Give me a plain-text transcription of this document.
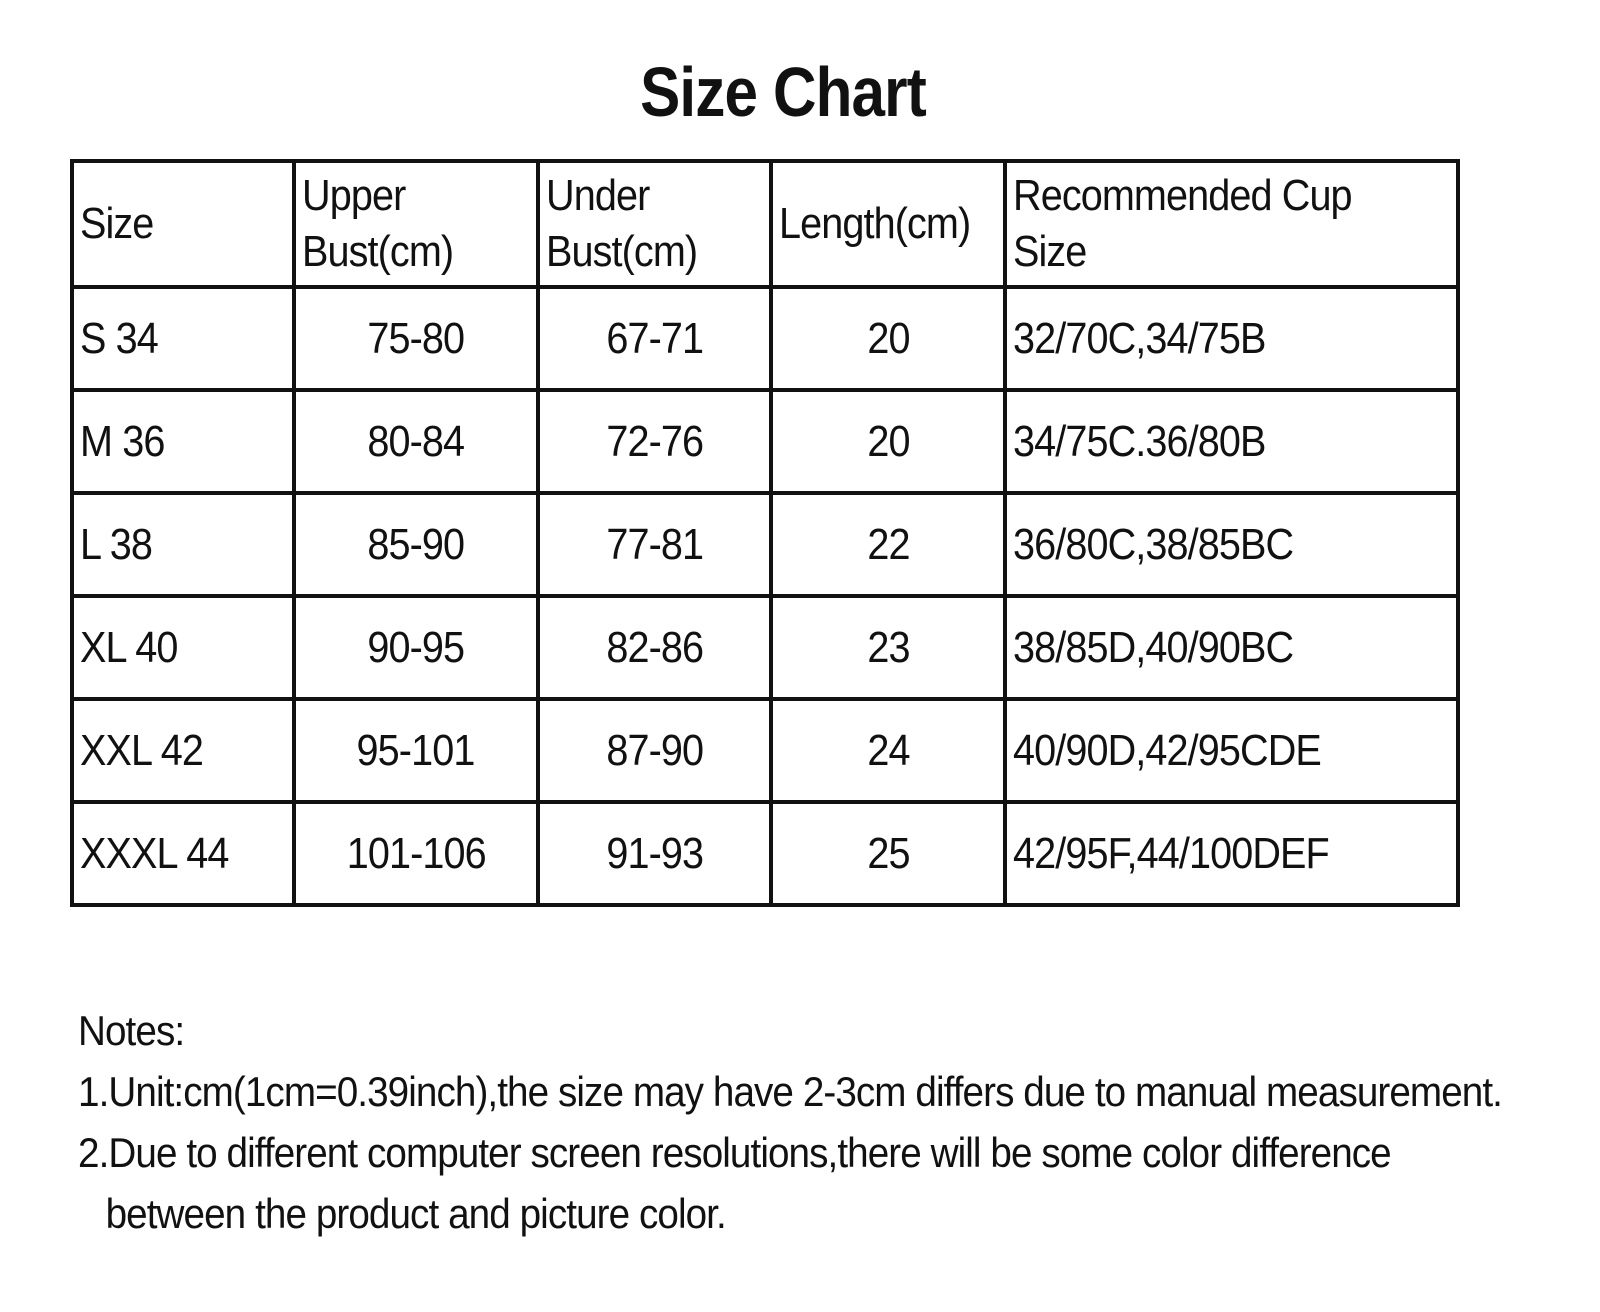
Size Chart
Size	Upper Bust(cm)	Under Bust(cm)	Length(cm)	Recommended Cup Size
S 34	75-80	67-71	20	32/70C,34/75B
M 36	80-84	72-76	20	34/75C.36/80B
L 38	85-90	77-81	22	36/80C,38/85BC
XL 40	90-95	82-86	23	38/85D,40/90BC
XXL 42	95-101	87-90	24	40/90D,42/95CDE
XXXL 44	101-106	91-93	25	42/95F,44/100DEF
Notes:
1.Unit:cm(1cm=0.39inch),the size may have 2-3cm differs due to manual measurement.
2.Due to different computer screen resolutions,there will be some color difference
between the product and picture color.
